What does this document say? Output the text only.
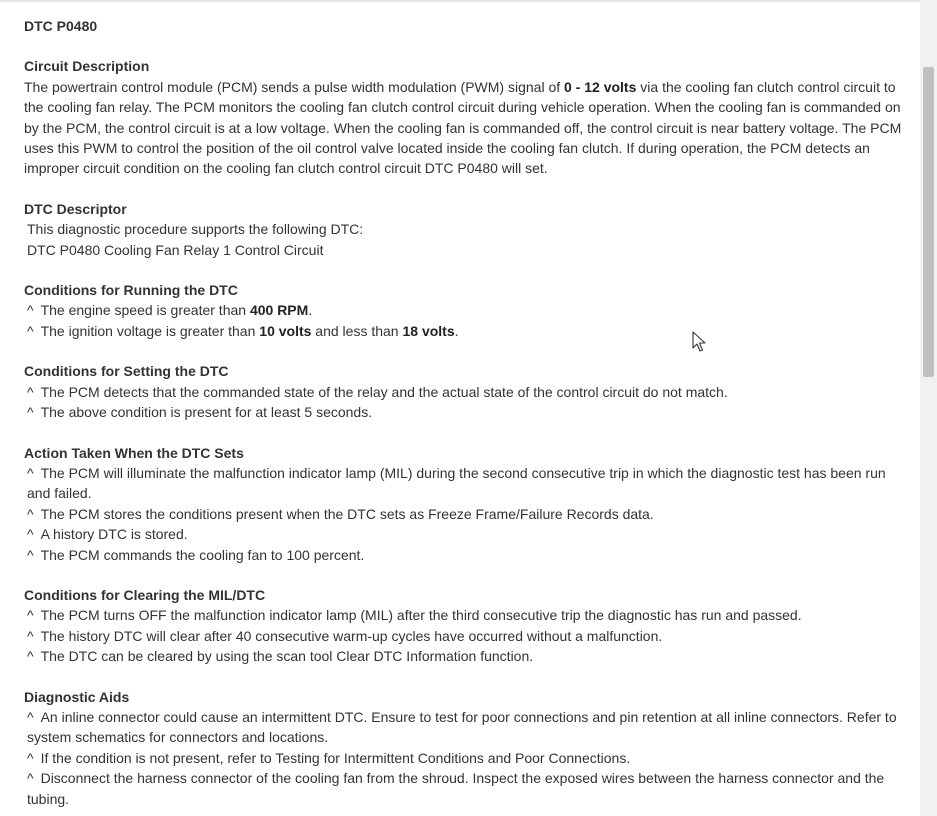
DTC P0480
Circuit Description

The powertrain control module (PCM) sends a pulse width modulation (PWM) signal of 0 - 12 volts via the cooling fan clutch control circuit to the cooling fan relay. The PCM monitors the cooling fan clutch control circuit during vehicle operation. When the cooling fan is commanded on by the PCM, the control circuit is at a low voltage. When the cooling fan is commanded off, the control circuit is near battery voltage. The PCM uses this PWM to control the position of the oil control valve located inside the cooling fan clutch. If during operation, the PCM detects an improper circuit condition on the cooling fan clutch control circuit DTC P0480 will set.

DTC Descriptor
This diagnostic procedure supports the following DTC:
DTC P0480 Cooling Fan Relay 1 Control Circuit
Conditions for Running the DTC
^ The engine speed is greater than 400 RPM.
^ The ignition voltage is greater than 10 volts and less than 18 volts.
Conditions for Setting the DTC
^ The PCM detects that the commanded state of the relay and the actual state of the control circuit do not match.
^ The above condition is present for at least 5 seconds.
Action Taken When the DTC Sets
^ The PCM will illuminate the malfunction indicator lamp (MIL) during the second consecutive trip in which the diagnostic test has been run and failed.
^ The PCM stores the conditions present when the DTC sets as Freeze Frame/Failure Records data.
^ A history DTC is stored.
^ The PCM commands the cooling fan to 100 percent.
Conditions for Clearing the MIL/DTC
^ The PCM turns OFF the malfunction indicator lamp (MIL) after the third consecutive trip the diagnostic has run and passed.
^ The history DTC will clear after 40 consecutive warm-up cycles have occurred without a malfunction.
^ The DTC can be cleared by using the scan tool Clear DTC Information function.
Diagnostic Aids
^ An inline connector could cause an intermittent DTC. Ensure to test for poor connections and pin retention at all inline connectors. Refer to system schematics for connectors and locations.
^ If the condition is not present, refer to Testing for Intermittent Conditions and Poor Connections.
^ Disconnect the harness connector of the cooling fan from the shroud. Inspect the exposed wires between the harness connector and the tubing.
